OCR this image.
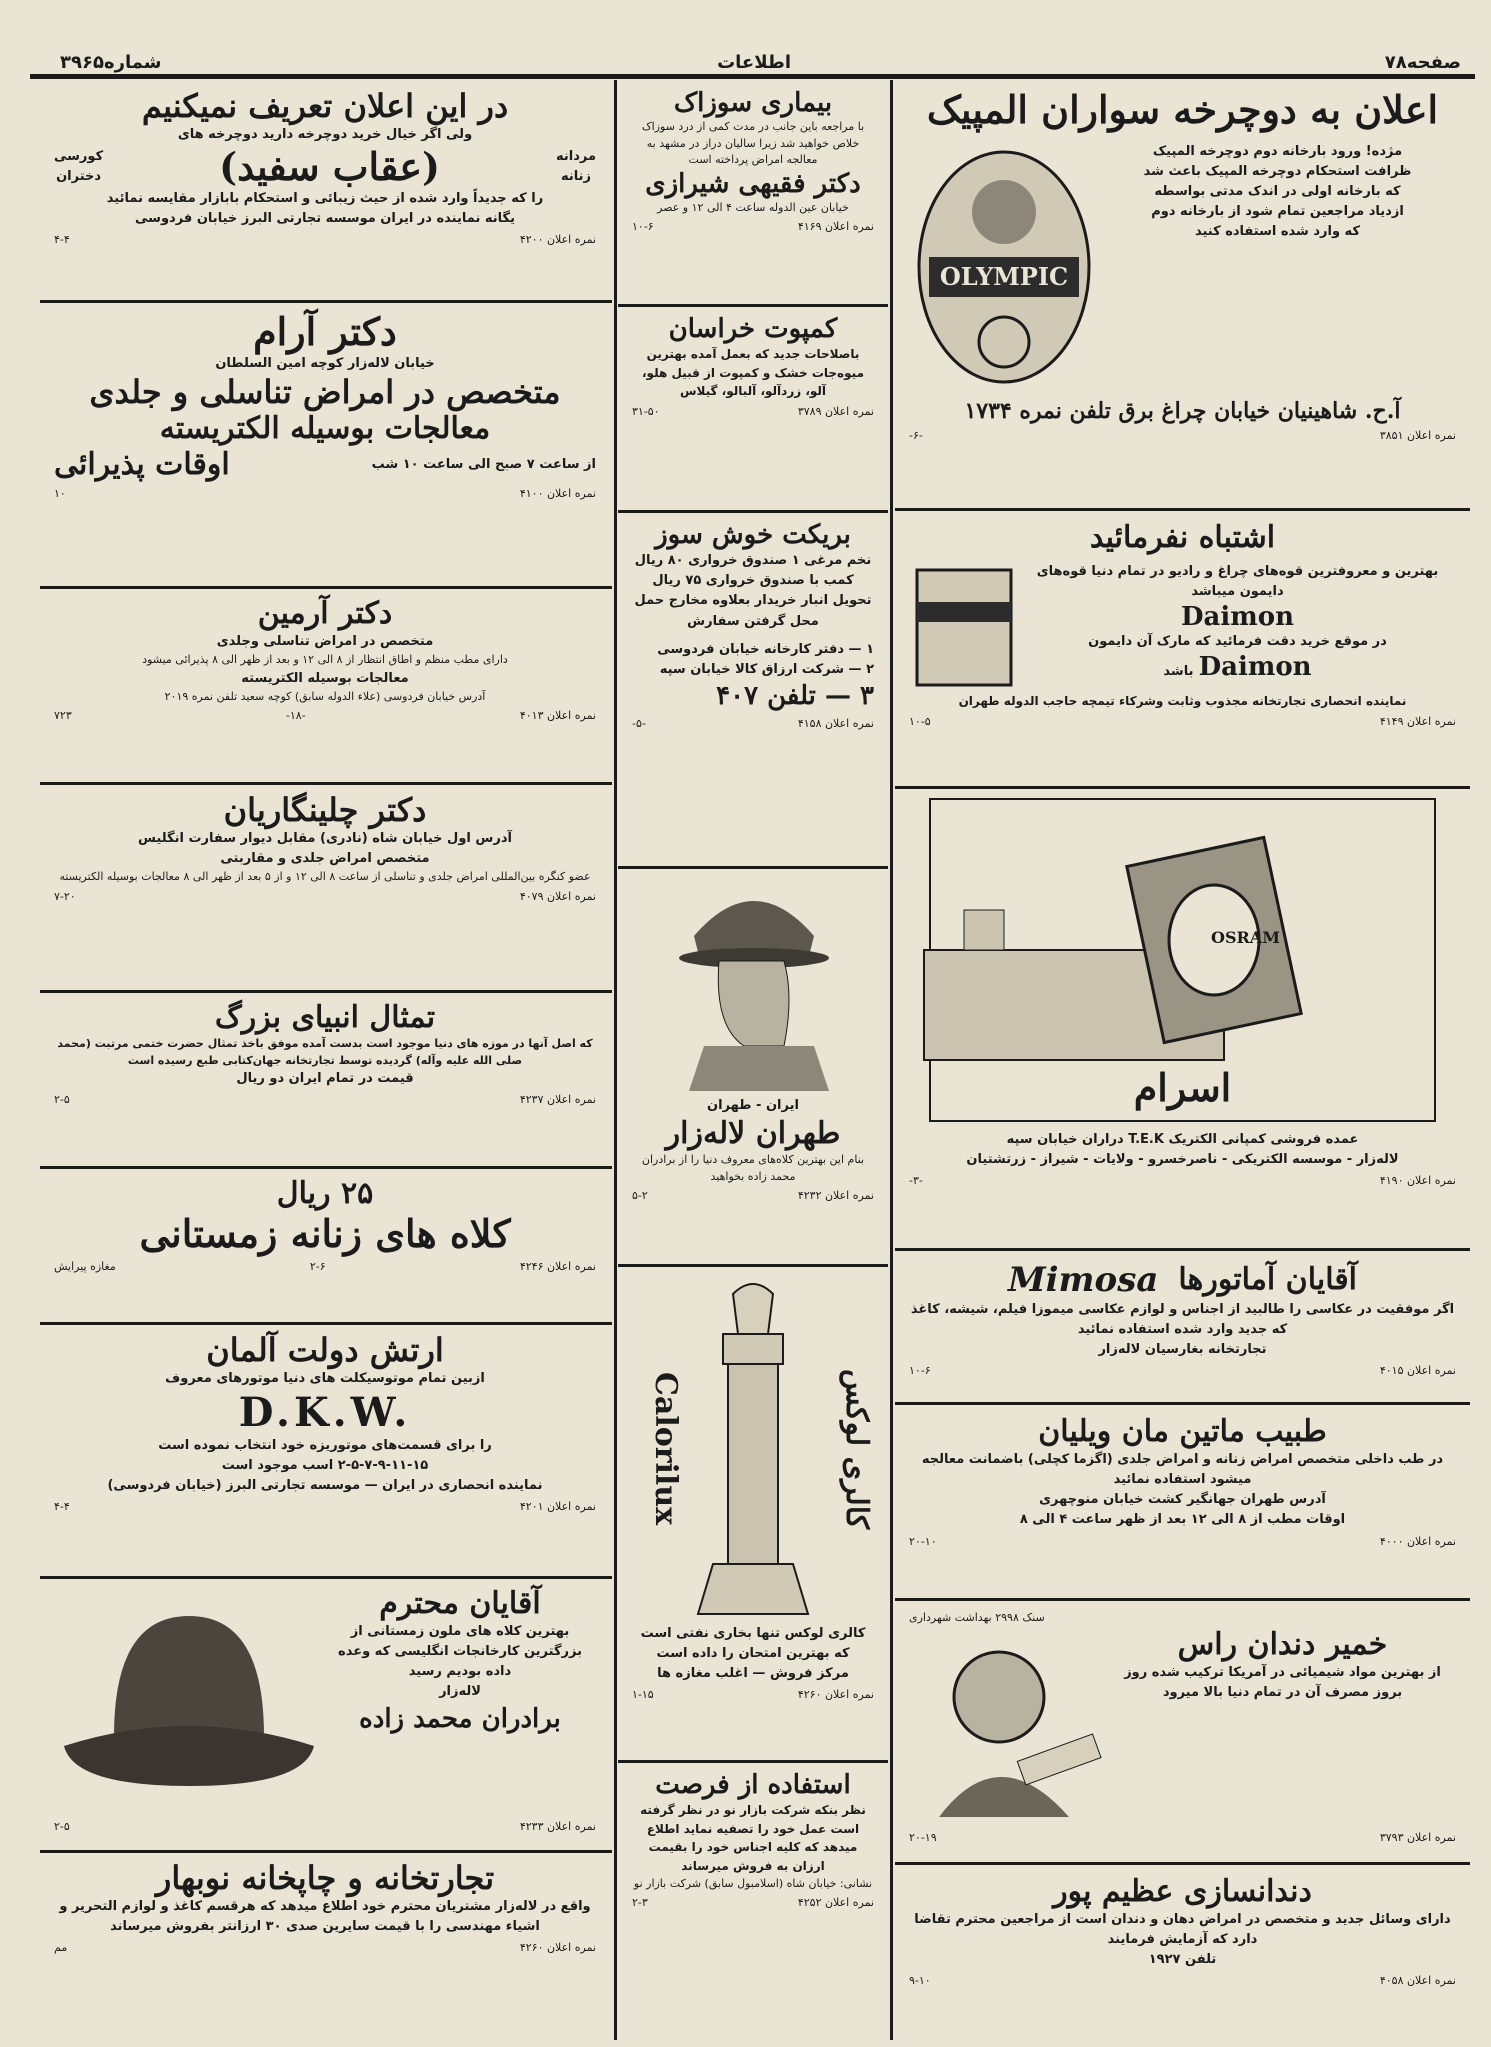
صفحه۷۸
اطلاعات
شماره۳۹۶۵
اعلان به دوچرخه سواران المپیک
مژده! ورود بارخانه دوم دوچرخه المپیک
ظرافت استحکام دوچرخه المپیک باعث شد
که بارخانه اولی در اندک مدتی بواسطه
ازدیاد مراجعین تمام شود از بارخانه دوم
که وارد شده استفاده کنید
OLYMPIC
آ.ح. شاهینیان خیابان چراغ برق تلفن نمره ۱۷۳۴
نمره اعلان ۳۸۵۱
-۶-
اشتباه نفرمائید
بهترین و معروفترین قوه‌های چراغ و رادیو در تمام دنیا قوه‌های دایمون میباشد
Daimon
در موقع خرید دقت فرمائید که مارک آن دایمون
Daimon باشد
نماینده انحصاری تجارتخانه مجذوب وثابت وشرکاء تیمچه حاجب الدوله طهران
نمره اعلان ۴۱۴۹
۱۰-۵
OSRAM
اسرام
عمده فروشی کمپانی الکتریک T.E.K دراران خیابان سپه
لاله‌زار - موسسه الکتریکی - ناصرخسرو - ولایات - شیراز - زرتشتیان
نمره اعلان ۴۱۹۰
-۳-
آقایان آماتورها
Mimosa
اگر موفقیت در عکاسی را طالبید از اجناس و لوازم عکاسی میموزا فیلم، شیشه، کاغذ که جدید وارد شده استفاده نمائید
تجارتخانه بغارسیان لاله‌زار
نمره اعلان ۴۰۱۵
۱۰-۶
طبیب ماتین مان ویلیان
در طب داخلی متخصص امراض زنانه و امراض جلدی (اگزما کچلی) باضمانت معالجه میشود استفاده نمائید
آدرس طهران جهانگیر کشت خیابان منوچهری
اوقات مطب از ۸ الی ۱۲ بعد از ظهر ساعت ۴ الی ۸
نمره اعلان ۴۰۰۰
۲۰-۱۰
سنک ۲۹۹۸ بهداشت شهرداری
خمیر دندان راس
از بهترین مواد شیمیائی در آمریکا ترکیب شده روز بروز مصرف آن در تمام دنیا بالا میرود
نمره اعلان ۳۷۹۳
۲۰-۱۹
دندانسازی عظیم پور
دارای وسائل جدید و متخصص در امراض دهان و دندان است از مراجعین محترم تقاضا دارد که آزمایش فرمایند
تلفن ۱۹۲۷
نمره اعلان ۴۰۵۸
۹-۱۰
بیماری سوزاک
با مراجعه باین جانب در مدت کمی از درد سوزاک خلاص خواهید شد زیرا سالیان دراز در مشهد به معالجه امراض پرداخته است
دکتر فقیهی شیرازی
خیابان عین الدوله ساعت ۴ الی ۱۲ و عصر
نمره اعلان ۴۱۶۹
۱۰-۶
کمپوت خراسان
باصلاحات جدید که بعمل آمده بهترین میوه‌جات خشک و کمپوت از قبیل هلو، آلو، زردآلو، آلبالو، گیلاس
نمره اعلان ۳۷۸۹
۳۱-۵۰
بریکت خوش سوز
نخم مرغی ۱ صندوق خرواری ۸۰ ریال
کمب با صندوق خرواری ۷۵ ریال
تحویل انبار خریدار بعلاوه مخارج حمل
محل گرفتن سفارش
۱ — دفتر کارخانه خیابان فردوسی
۲ — شرکت ارزاق کالا خیابان سپه
۳ — تلفن ۴۰۷
نمره اعلان ۴۱۵۸
-۵-
ایران - طهران
طهران لاله‌زار
بنام این بهترین کلاه‌های معروف دنیا را از برادران محمد زاده بخواهید
نمره اعلان ۴۲۳۲
۵-۲
Calorilux	کالری لوکس
کالری لوکس تنها بخاری نفتی است که بهترین امتحان را داده است
مرکز فروش — اغلب مغازه ها
نمره اعلان ۴۲۶۰
۱-۱۵
استفاده از فرصت
نظر بنکه شرکت بازار نو در نظر گرفته است عمل خود را تصفیه نماید اطلاع میدهد که کلیه اجناس خود را بقیمت ارزان به فروش میرساند
نشانی: خیابان شاه (اسلامبول سابق) شرکت بازار نو
نمره اعلان ۴۲۵۲
۲-۳
در این اعلان تعریف نمیکنیم
ولی اگر خیال خرید دوچرخه دارید دوچرخه های
مردانه
زنانه
(عقاب سفید)
کورسی
دختران
را که جدیداً وارد شده از حیث زیبائی و استحکام بابازار مقایسه نمائید
یگانه نماینده در ایران موسسه تجارتی البرز خیابان فردوسی
نمره اعلان ۴۲۰۰
۴-۴
دکتر آرام
خیابان لاله‌زار کوچه امین السلطان
متخصص در امراض تناسلی و جلدی
معالجات بوسیله الکتریسته
از ساعت ۷ صبح الی ساعت ۱۰ شب
اوقات پذیرائی
نمره اعلان ۴۱۰۰
۱۰
دکتر آرمین
متخصص در امراض تناسلی وجلدی
دارای مطب منظم و اطاق انتظار از ۸ الی ۱۲ و بعد از ظهر الی ۸ پذیرائی میشود
معالجات بوسیله الکتریسته
آدرس خیابان فردوسی (علاء الدوله سابق) کوچه سعید تلفن نمره ۲۰۱۹
نمره اعلان ۴۰۱۳
-۱۸-
۷۲۳
دکتر چلینگاریان
آدرس اول خیابان شاه (نادری) مقابل دیوار سفارت انگلیس
متخصص امراض جلدی و مقاربتی
عضو کنگره بین‌المللی امراض جلدی و تناسلی از ساعت ۸ الی ۱۲ و از ۵ بعد از ظهر الی ۸ معالجات بوسیله الکتریسته
نمره اعلان ۴۰۷۹
۷-۲۰
تمثال انبیای بزرگ
که اصل آنها در موزه های دنیا موجود است بدست آمده موفق باخذ تمثال حضرت ختمی مرتبت (محمد صلی الله علیه وآله) گردیده توسط تجارتخانه جهان‌کتابی طبع رسیده است
قیمت در تمام ایران دو ریال
نمره اعلان ۴۲۳۷
۲-۵
۲۵ ریال
کلاه های زنانه زمستانی
نمره اعلان ۴۲۴۶
۲-۶
مغازه پیرایش
ارتش دولت آلمان
ازبین تمام موتوسیکلت های دنیا موتورهای معروف
D.K.W.
را برای قسمت‌های موتوریزه خود انتخاب نموده است
۲-۵-۷-۹-۱۱-۱۵ اسب موجود است
نماینده انحصاری در ایران — موسسه تجارتی البرز (خیابان فردوسی)
نمره اعلان ۴۲۰۱
۴-۴
آقایان محترم
بهترین کلاه های ملون زمستانی از بزرگترین کارخانجات انگلیسی که وعده داده بودیم رسید
لاله‌زار
برادران محمد زاده
نمره اعلان ۴۲۳۳
۲-۵
تجارتخانه و چاپخانه نوبهار
واقع در لاله‌زار مشتریان محترم خود اطلاع میدهد که هرقسم کاغذ و لوازم التحریر و اشیاء مهندسی را با قیمت سایرین صدی ۳۰ ارزانتر بفروش میرساند
نمره اعلان ۴۲۶۰
مم
